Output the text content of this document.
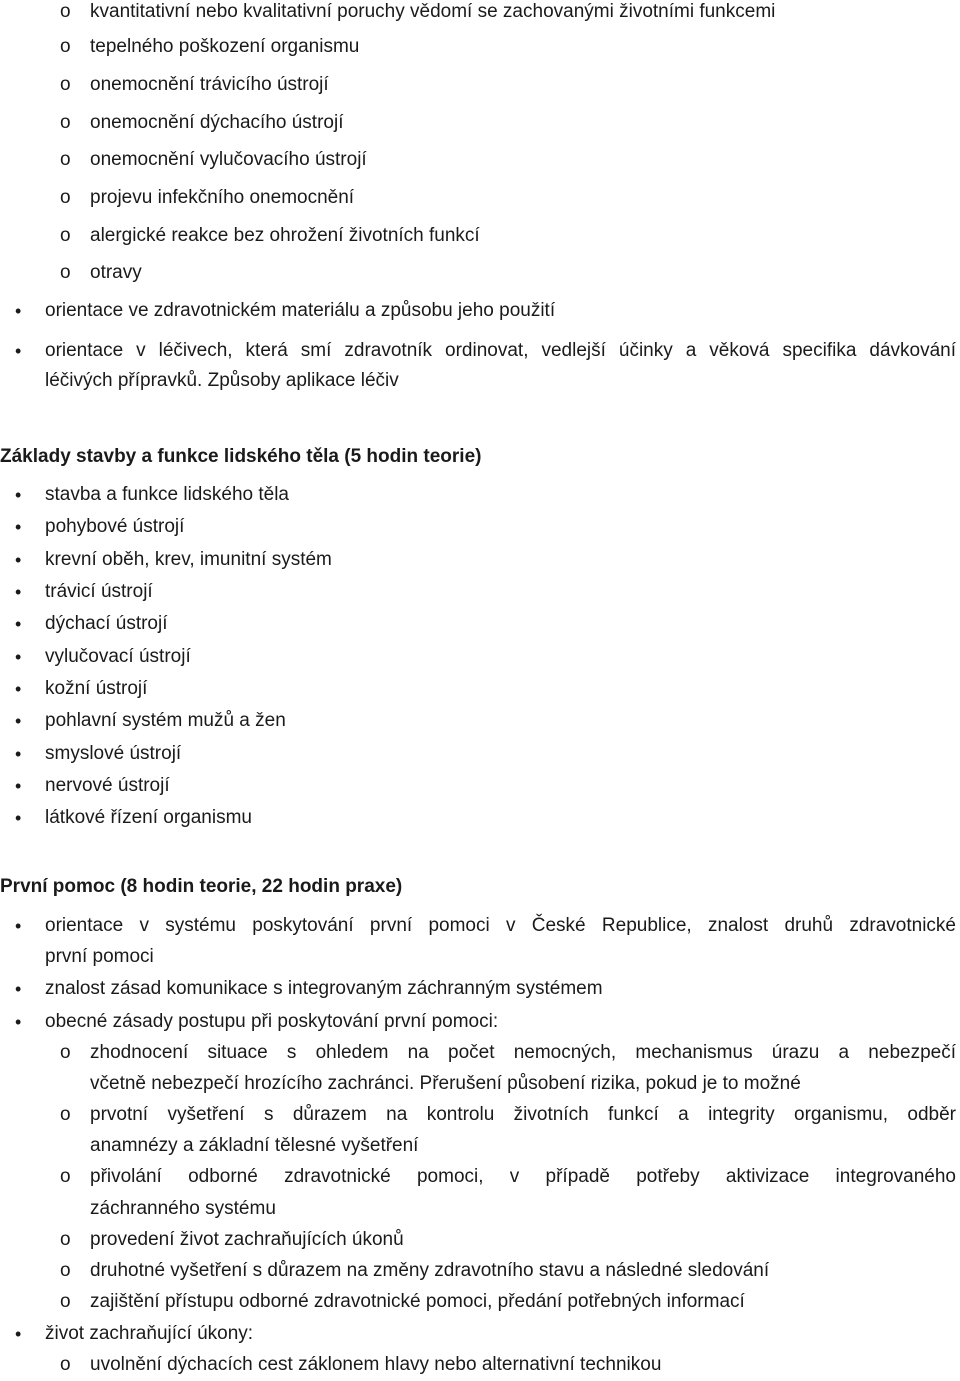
o kvantitativní nebo kvalitativní poruchy vědomí se zachovanými životními funkcemi
o tepelného poškození organismu
o onemocnění trávicího ústrojí
o onemocnění dýchacího ústrojí
o onemocnění vylučovacího ústrojí
o projevu infekčního onemocnění
o alergické reakce bez ohrožení životních funkcí
o otravy
• orientace ve zdravotnickém materiálu a způsobu jeho použití
• orientace v léčivech, která smí zdravotník ordinovat, vedlejší účinky a věková specifika dávkování
léčivých přípravků. Způsoby aplikace léčiv
Základy stavby a funkce lidského těla (5 hodin teorie)
• stavba a funkce lidského těla
• pohybové ústrojí
• krevní oběh, krev, imunitní systém
• trávicí ústrojí
• dýchací ústrojí
• vylučovací ústrojí
• kožní ústrojí
• pohlavní systém mužů a žen
• smyslové ústrojí
• nervové ústrojí
• látkové řízení organismu
První pomoc (8 hodin teorie, 22 hodin praxe)
• orientace v systému poskytování první pomoci v České Republice, znalost druhů zdravotnické
první pomoci
• znalost zásad komunikace s integrovaným záchranným systémem
• obecné zásady postupu při poskytování první pomoci:
o zhodnocení situace s ohledem na počet nemocných, mechanismus úrazu a nebezpečí
včetně nebezpečí hrozícího zachránci. Přerušení působení rizika, pokud je to možné
o prvotní vyšetření s důrazem na kontrolu životních funkcí a integrity organismu, odběr
anamnézy a základní tělesné vyšetření
o přivolání odborné zdravotnické pomoci, v případě potřeby aktivizace integrovaného
záchranného systému
o provedení život zachraňujících úkonů
o druhotné vyšetření s důrazem na změny zdravotního stavu a následné sledování
o zajištění přístupu odborné zdravotnické pomoci, předání potřebných informací
• život zachraňující úkony:
o uvolnění dýchacích cest záklonem hlavy nebo alternativní technikou
